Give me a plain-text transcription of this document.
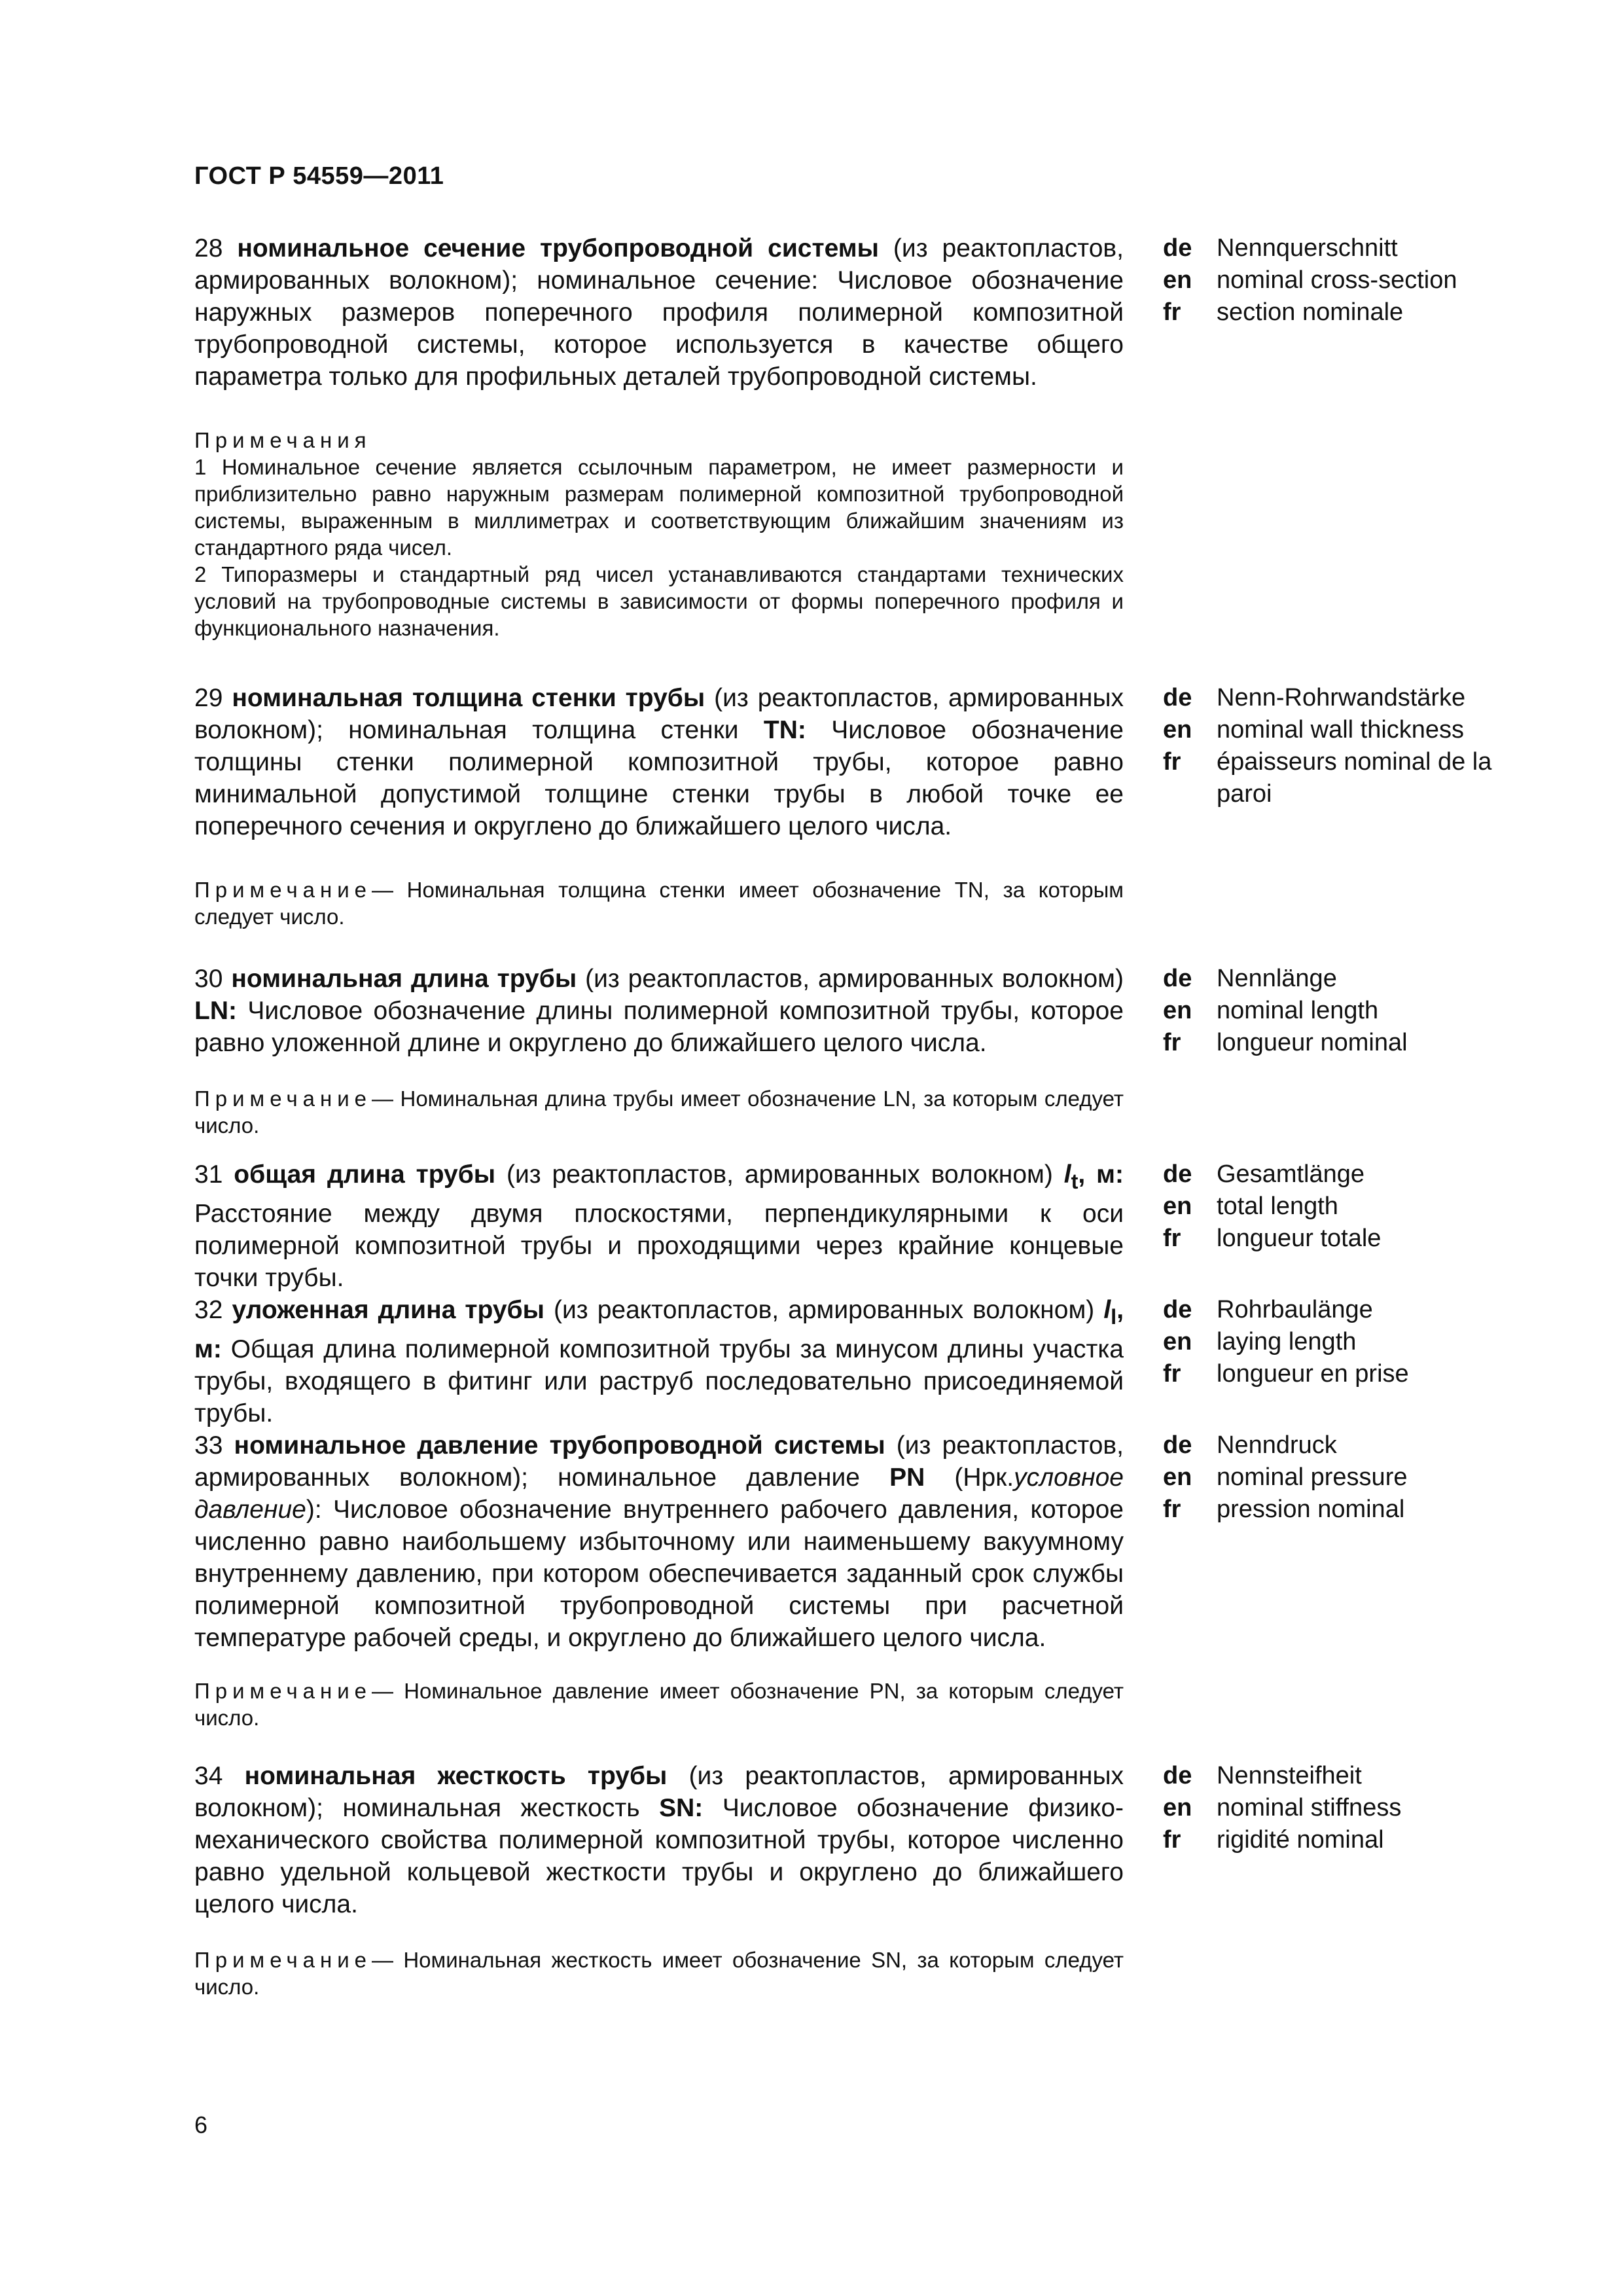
ГОСТ Р 54559—2011
28 номинальное сечение трубопроводной системы (из реактопластов, армированных волокном); номинальное сечение: Числовое обозначение наружных размеров поперечного профиля полимерной композитной трубопроводной системы, которое используется в качестве общего параметра только для профильных деталей трубопроводной системы.
de Nennquerschnitt
en nominal cross-section
fr	section nominale
Примечания
1 Номинальное сечение является ссылочным параметром, не имеет размерности и приблизительно равно наружным размерам полимерной композитной трубопроводной системы, выраженным в миллиметрах и соответствующим ближайшим значениям из стандартного ряда чисел.
2 Типоразмеры и стандартный ряд чисел устанавливаются стандартами технических условий на трубопроводные системы в зависимости от формы поперечного профиля и функционального назначения.
29 номинальная толщина стенки трубы (из реактопластов, армированных волокном); номинальная толщина стенки TN: Числовое обозначение толщины стенки полимерной композитной трубы, которое равно минимальной допустимой толщине стенки трубы в любой точке ее поперечного сечения и округлено до ближайшего целого числа.
de Nenn-Rohrwandstärke
en nominal wall thickness
fr	épaisseurs nominal de la paroi
Примечание— Номинальная толщина стенки имеет обозначение TN, за которым следует число.
30 номинальная длина трубы (из реактопластов, армированных волокном) LN: Числовое обозначение длины полимерной композитной трубы, которое равно уложенной длине и округлено до ближайшего целого числа.
de Nennlänge
en nominal length
fr	longueur nominal
Примечание— Номинальная длина трубы имеет обозначение LN, за которым следует число.
31 общая длина трубы (из реактопластов, армированных волокном) $l_t$, м: Расстояние между двумя плоскостями, перпендикулярными к оси полимерной композитной трубы и проходящими через крайние концевые точки трубы.
de Gesamtlänge
en total length
fr	longueur totale
32 уложенная длина трубы (из реактопластов, армированных волокном) $l_l$, м: Общая длина полимерной композитной трубы за минусом длины участка трубы, входящего в фитинг или раструб последовательно присоединяемой трубы.
de Rohrbaulänge
en laying length
fr	longueur en prise
33 номинальное давление трубопроводной системы (из реактопластов, армированных волокном); номинальное давление PN (Нрк.условное давление): Числовое обозначение внутреннего рабочего давления, которое численно равно наибольшему избыточному или наименьшему вакуумному внутреннему давлению, при котором обеспечивается заданный срок службы полимерной композитной трубопроводной системы при расчетной температуре рабочей среды, и округлено до ближайшего целого числа.
de Nenndruck
en nominal pressure
fr	pression nominal
Примечание— Номинальное давление имеет обозначение PN, за которым следует число.
34 номинальная жесткость трубы (из реактопластов, армированных волокном); номинальная жесткость SN: Числовое обозначение физико-механического свойства полимерной композитной трубы, которое численно равно удельной кольцевой жесткости трубы и округлено до ближайшего целого числа.
de Nennsteifheit
en nominal stiffness
fr	rigidité nominal
Примечание— Номинальная жесткость имеет обозначение SN, за которым следует число.
6
